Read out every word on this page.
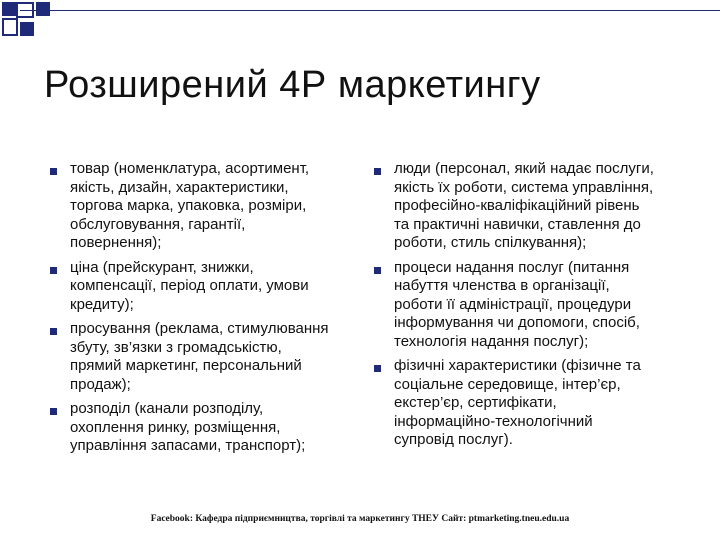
Розширений 4Р маркетингу
товар (номенклатура, асортимент,
якість, дизайн, характеристики,
торгова марка, упаковка, розміри,
обслуговування, гарантії,
повернення);
ціна (прейскурант, знижки,
компенсації, період оплати, умови
кредиту);
просування (реклама, стимулювання
збуту, зв’язки з громадськістю,
прямий маркетинг, персональний
продаж);
розподіл (канали розподілу,
охоплення ринку, розміщення,
управління запасами, транспорт);
люди (персонал, який надає послуги,
якість їх роботи, система управління,
професійно-кваліфікаційний рівень
та практичні навички, ставлення до
роботи, стиль спілкування);
процеси надання послуг (питання
набуття членства в організації,
роботи її адміністрації, процедури
інформування чи допомоги, спосіб,
технологія надання послуг);
фізичні характеристики (фізичне та
соціальне середовище, інтер’єр,
екстер’єр, сертифікати,
інформаційно-технологічний
супровід послуг).
Facebook: Кафедра підприємництва, торгівлі та маркетингу ТНЕУ Сайт: ptmarketing.tneu.edu.ua
